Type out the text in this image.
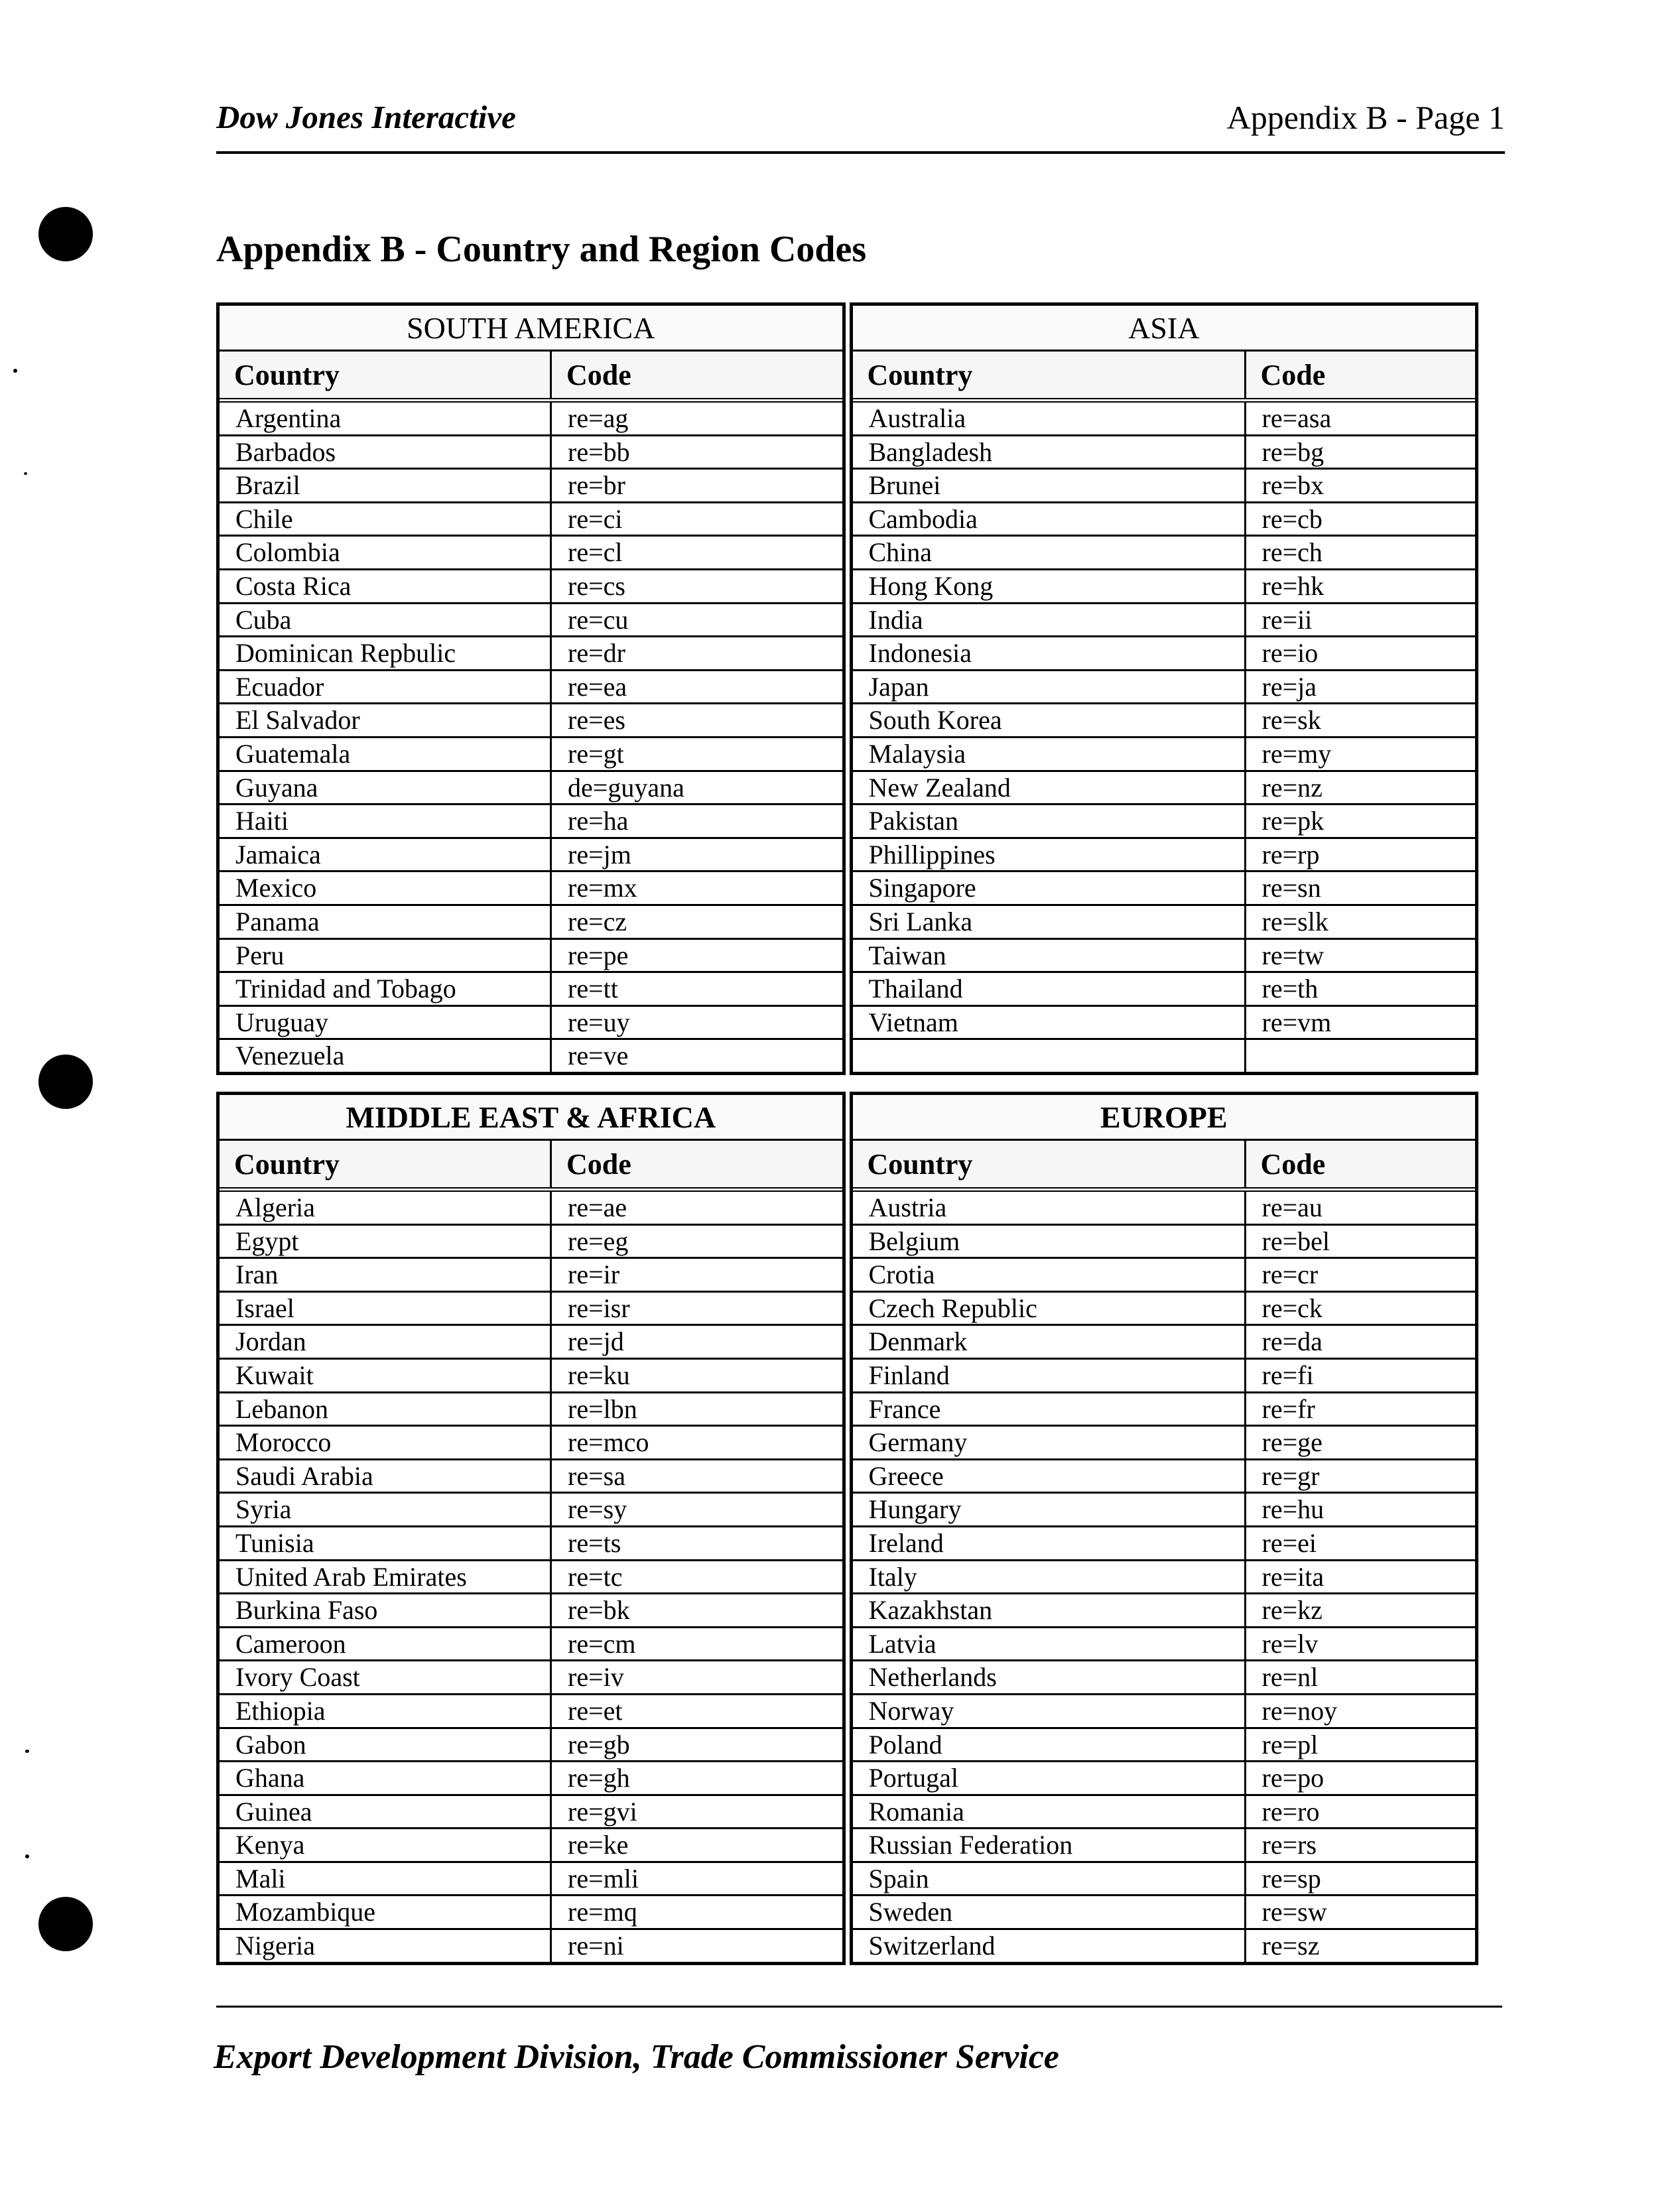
Dow Jones Interactive	Appendix B - Page 1
Appendix B - Country and Region Codes
SOUTH AMERICA
Country	Code
Argentina	re=ag
Barbados	re=bb
Brazil	re=br
Chile	re=ci
Colombia	re=cl
Costa Rica	re=cs
Cuba	re=cu
Dominican Repbulic	re=dr
Ecuador	re=ea
El Salvador	re=es
Guatemala	re=gt
Guyana	de=guyana
Haiti	re=ha
Jamaica	re=jm
Mexico	re=mx
Panama	re=cz
Peru	re=pe
Trinidad and Tobago	re=tt
Uruguay	re=uy
Venezuela	re=ve
ASIA
Country	Code
Australia	re=asa
Bangladesh	re=bg
Brunei	re=bx
Cambodia	re=cb
China	re=ch
Hong Kong	re=hk
India	re=ii
Indonesia	re=io
Japan	re=ja
South Korea	re=sk
Malaysia	re=my
New Zealand	re=nz
Pakistan	re=pk
Phillippines	re=rp
Singapore	re=sn
Sri Lanka	re=slk
Taiwan	re=tw
Thailand	re=th
Vietnam	re=vm
MIDDLE EAST & AFRICA
Country	Code
Algeria	re=ae
Egypt	re=eg
Iran	re=ir
Israel	re=isr
Jordan	re=jd
Kuwait	re=ku
Lebanon	re=lbn
Morocco	re=mco
Saudi Arabia	re=sa
Syria	re=sy
Tunisia	re=ts
United Arab Emirates	re=tc
Burkina Faso	re=bk
Cameroon	re=cm
Ivory Coast	re=iv
Ethiopia	re=et
Gabon	re=gb
Ghana	re=gh
Guinea	re=gvi
Kenya	re=ke
Mali	re=mli
Mozambique	re=mq
Nigeria	re=ni
EUROPE
Country	Code
Austria	re=au
Belgium	re=bel
Crotia	re=cr
Czech Republic	re=ck
Denmark	re=da
Finland	re=fi
France	re=fr
Germany	re=ge
Greece	re=gr
Hungary	re=hu
Ireland	re=ei
Italy	re=ita
Kazakhstan	re=kz
Latvia	re=lv
Netherlands	re=nl
Norway	re=noy
Poland	re=pl
Portugal	re=po
Romania	re=ro
Russian Federation	re=rs
Spain	re=sp
Sweden	re=sw
Switzerland	re=sz
Export Development Division, Trade Commissioner Service
